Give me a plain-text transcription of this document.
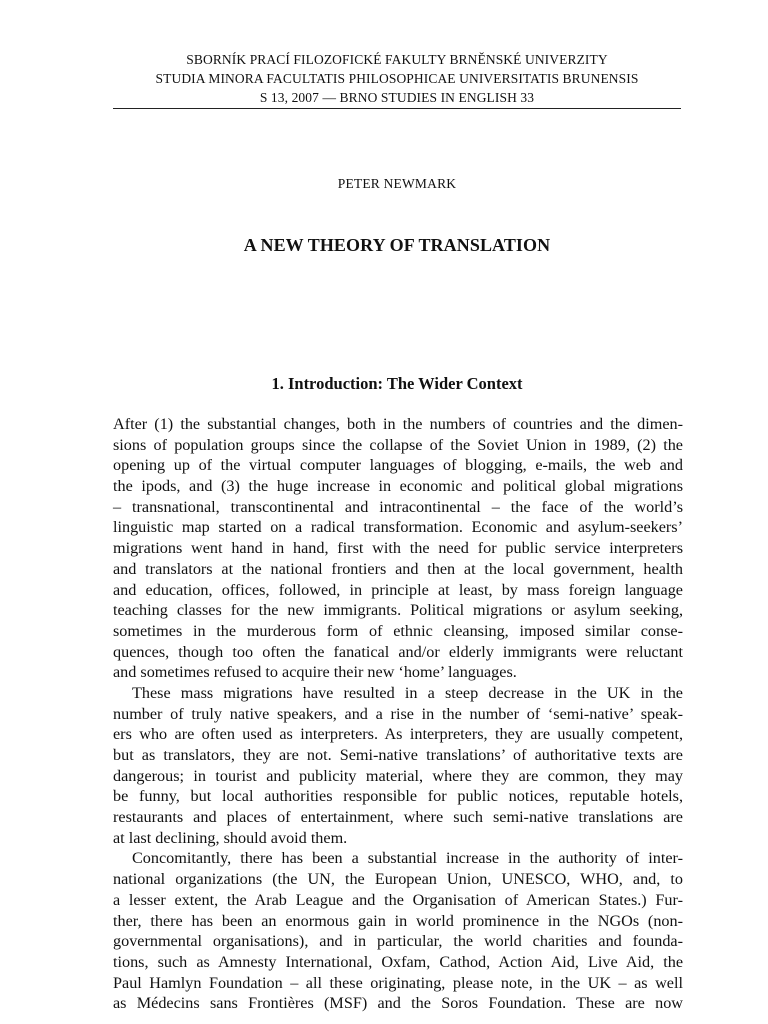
SBORNÍK PRACÍ FILOZOFICKÉ FAKULTY BRNĚNSKÉ UNIVERZITY
STUDIA MINORA FACULTATIS PHILOSOPHICAE UNIVERSITATIS BRUNENSIS
S 13, 2007 — BRNO STUDIES IN ENGLISH 33
PETER NEWMARK
A NEW THEORY OF TRANSLATION
1. Introduction: The Wider Context
After (1) the substantial changes, both in the numbers of countries and the dimen-
sions of population groups since the collapse of the Soviet Union in 1989, (2) the
opening up of the virtual computer languages of blogging, e-mails, the web and
the ipods, and (3) the huge increase in economic and political global migrations
– transnational, transcontinental and intracontinental – the face of the world’s
linguistic map started on a radical transformation. Economic and asylum-seekers’
migrations went hand in hand, first with the need for public service interpreters
and translators at the national frontiers and then at the local government, health
and education, offices, followed, in principle at least, by mass foreign language
teaching classes for the new immigrants. Political migrations or asylum seeking,
sometimes in the murderous form of ethnic cleansing, imposed similar conse-
quences, though too often the fanatical and/or elderly immigrants were reluctant
and sometimes refused to acquire their new ‘home’ languages.
These mass migrations have resulted in a steep decrease in the UK in the
number of truly native speakers, and a rise in the number of ‘semi-native’ speak-
ers who are often used as interpreters. As interpreters, they are usually competent,
but as translators, they are not. Semi-native translations’ of authoritative texts are
dangerous; in tourist and publicity material, where they are common, they may
be funny, but local authorities responsible for public notices, reputable hotels,
restaurants and places of entertainment, where such semi-native translations are
at last declining, should avoid them.
Concomitantly, there has been a substantial increase in the authority of inter-
national organizations (the UN, the European Union, UNESCO, WHO, and, to
a lesser extent, the Arab League and the Organisation of American States.) Fur-
ther, there has been an enormous gain in world prominence in the NGOs (non-
governmental organisations), and in particular, the world charities and founda-
tions, such as Amnesty International, Oxfam, Cathod, Action Aid, Live Aid, the
Paul Hamlyn Foundation – all these originating, please note, in the UK – as well
as Médecins sans Frontières (MSF) and the Soros Foundation. These are now
